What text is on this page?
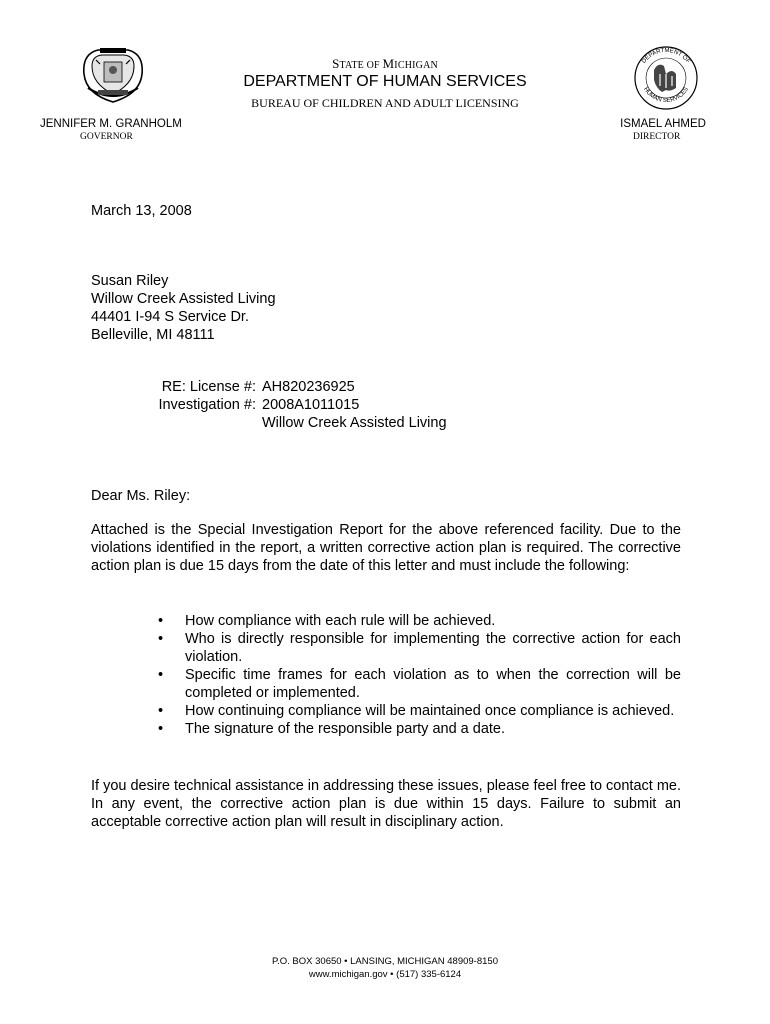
DEPARTMENT OF
HUMAN SERVICES
STATE OF MICHIGAN
DEPARTMENT OF HUMAN SERVICES
BUREAU OF CHILDREN AND ADULT LICENSING
JENNIFER M. GRANHOLM
GOVERNOR
ISMAEL AHMED
DIRECTOR
March 13, 2008
Susan Riley
Willow Creek Assisted Living
44401 I-94 S Service Dr.
Belleville, MI 48111
RE: License #: AH820236925
Investigation #: 2008A1011015
Willow Creek Assisted Living
Dear Ms. Riley:
Attached is the Special Investigation Report for the above referenced facility. Due to the violations identified in the report, a written corrective action plan is required. The corrective action plan is due 15 days from the date of this letter and must include the following:
• How compliance with each rule will be achieved.
• Who is directly responsible for implementing the corrective action for each violation.
• Specific time frames for each violation as to when the correction will be completed or implemented.
• How continuing compliance will be maintained once compliance is achieved.
• The signature of the responsible party and a date.
If you desire technical assistance in addressing these issues, please feel free to contact me. In any event, the corrective action plan is due within 15 days. Failure to submit an acceptable corrective action plan will result in disciplinary action.
P.O. BOX 30650 • LANSING, MICHIGAN 48909-8150
www.michigan.gov • (517) 335-6124
